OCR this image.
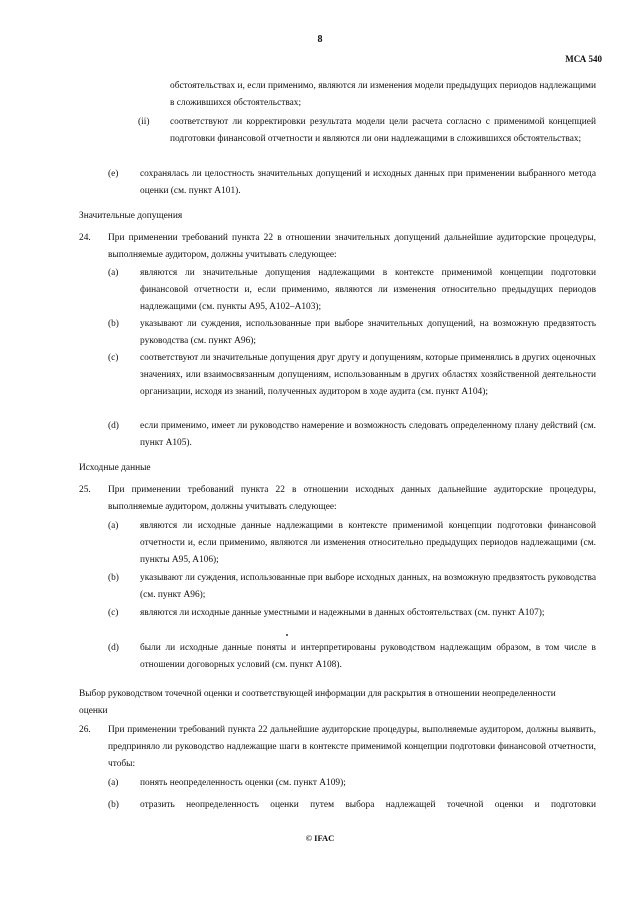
8
МСА 540
обстоятельствах и, если применимо, являются ли изменения модели предыдущих периодов надлежащими в сложившихся обстоятельствах;
(ii) соответствуют ли корректировки результата модели цели расчета согласно с применимой концепцией подготовки финансовой отчетности и являются ли они надлежащими в сложившихся обстоятельствах;
(e) сохранялась ли целостность значительных допущений и исходных данных при применении выбранного метода оценки (см. пункт A101).
Значительные допущения
24. При применении требований пункта 22 в отношении значительных допущений дальнейшие аудиторские процедуры, выполняемые аудитором, должны учитывать следующее:
(a) являются ли значительные допущения надлежащими в контексте применимой концепции подготовки финансовой отчетности и, если применимо, являются ли изменения относительно предыдущих периодов надлежащими (см. пункты A95, A102–A103);
(b) указывают ли суждения, использованные при выборе значительных допущений, на возможную предвзятость руководства (см. пункт A96);
(c) соответствуют ли значительные допущения друг другу и допущениям, которые применялись в других оценочных значениях, или взаимосвязанным допущениям, использованным в других областях хозяйственной деятельности организации, исходя из знаний, полученных аудитором в ходе аудита (см. пункт A104);
(d) если применимо, имеет ли руководство намерение и возможность следовать определенному плану действий (см. пункт A105).
Исходные данные
25. При применении требований пункта 22 в отношении исходных данных дальнейшие аудиторские процедуры, выполняемые аудитором, должны учитывать следующее:
(a) являются ли исходные данные надлежащими в контексте применимой концепции подготовки финансовой отчетности и, если применимо, являются ли изменения относительно предыдущих периодов надлежащими (см. пункты A95, A106);
(b) указывают ли суждения, использованные при выборе исходных данных, на возможную предвзятость руководства (см. пункт A96);
(c) являются ли исходные данные уместными и надежными в данных обстоятельствах (см. пункт A107);
(d) были ли исходные данные поняты и интерпретированы руководством надлежащим образом, в том числе в отношении договорных условий (см. пункт A108).
Выбор руководством точечной оценки и соответствующей информации для раскрытия в отношении неопределенности оценки
26. При применении требований пункта 22 дальнейшие аудиторские процедуры, выполняемые аудитором, должны выявить, предприняло ли руководство надлежащие шаги в контексте применимой концепции подготовки финансовой отчетности, чтобы:
(a) понять неопределенность оценки (см. пункт A109);
(b) отразить неопределенность оценки путем выбора надлежащей точечной оценки и подготовки
© IFAC
